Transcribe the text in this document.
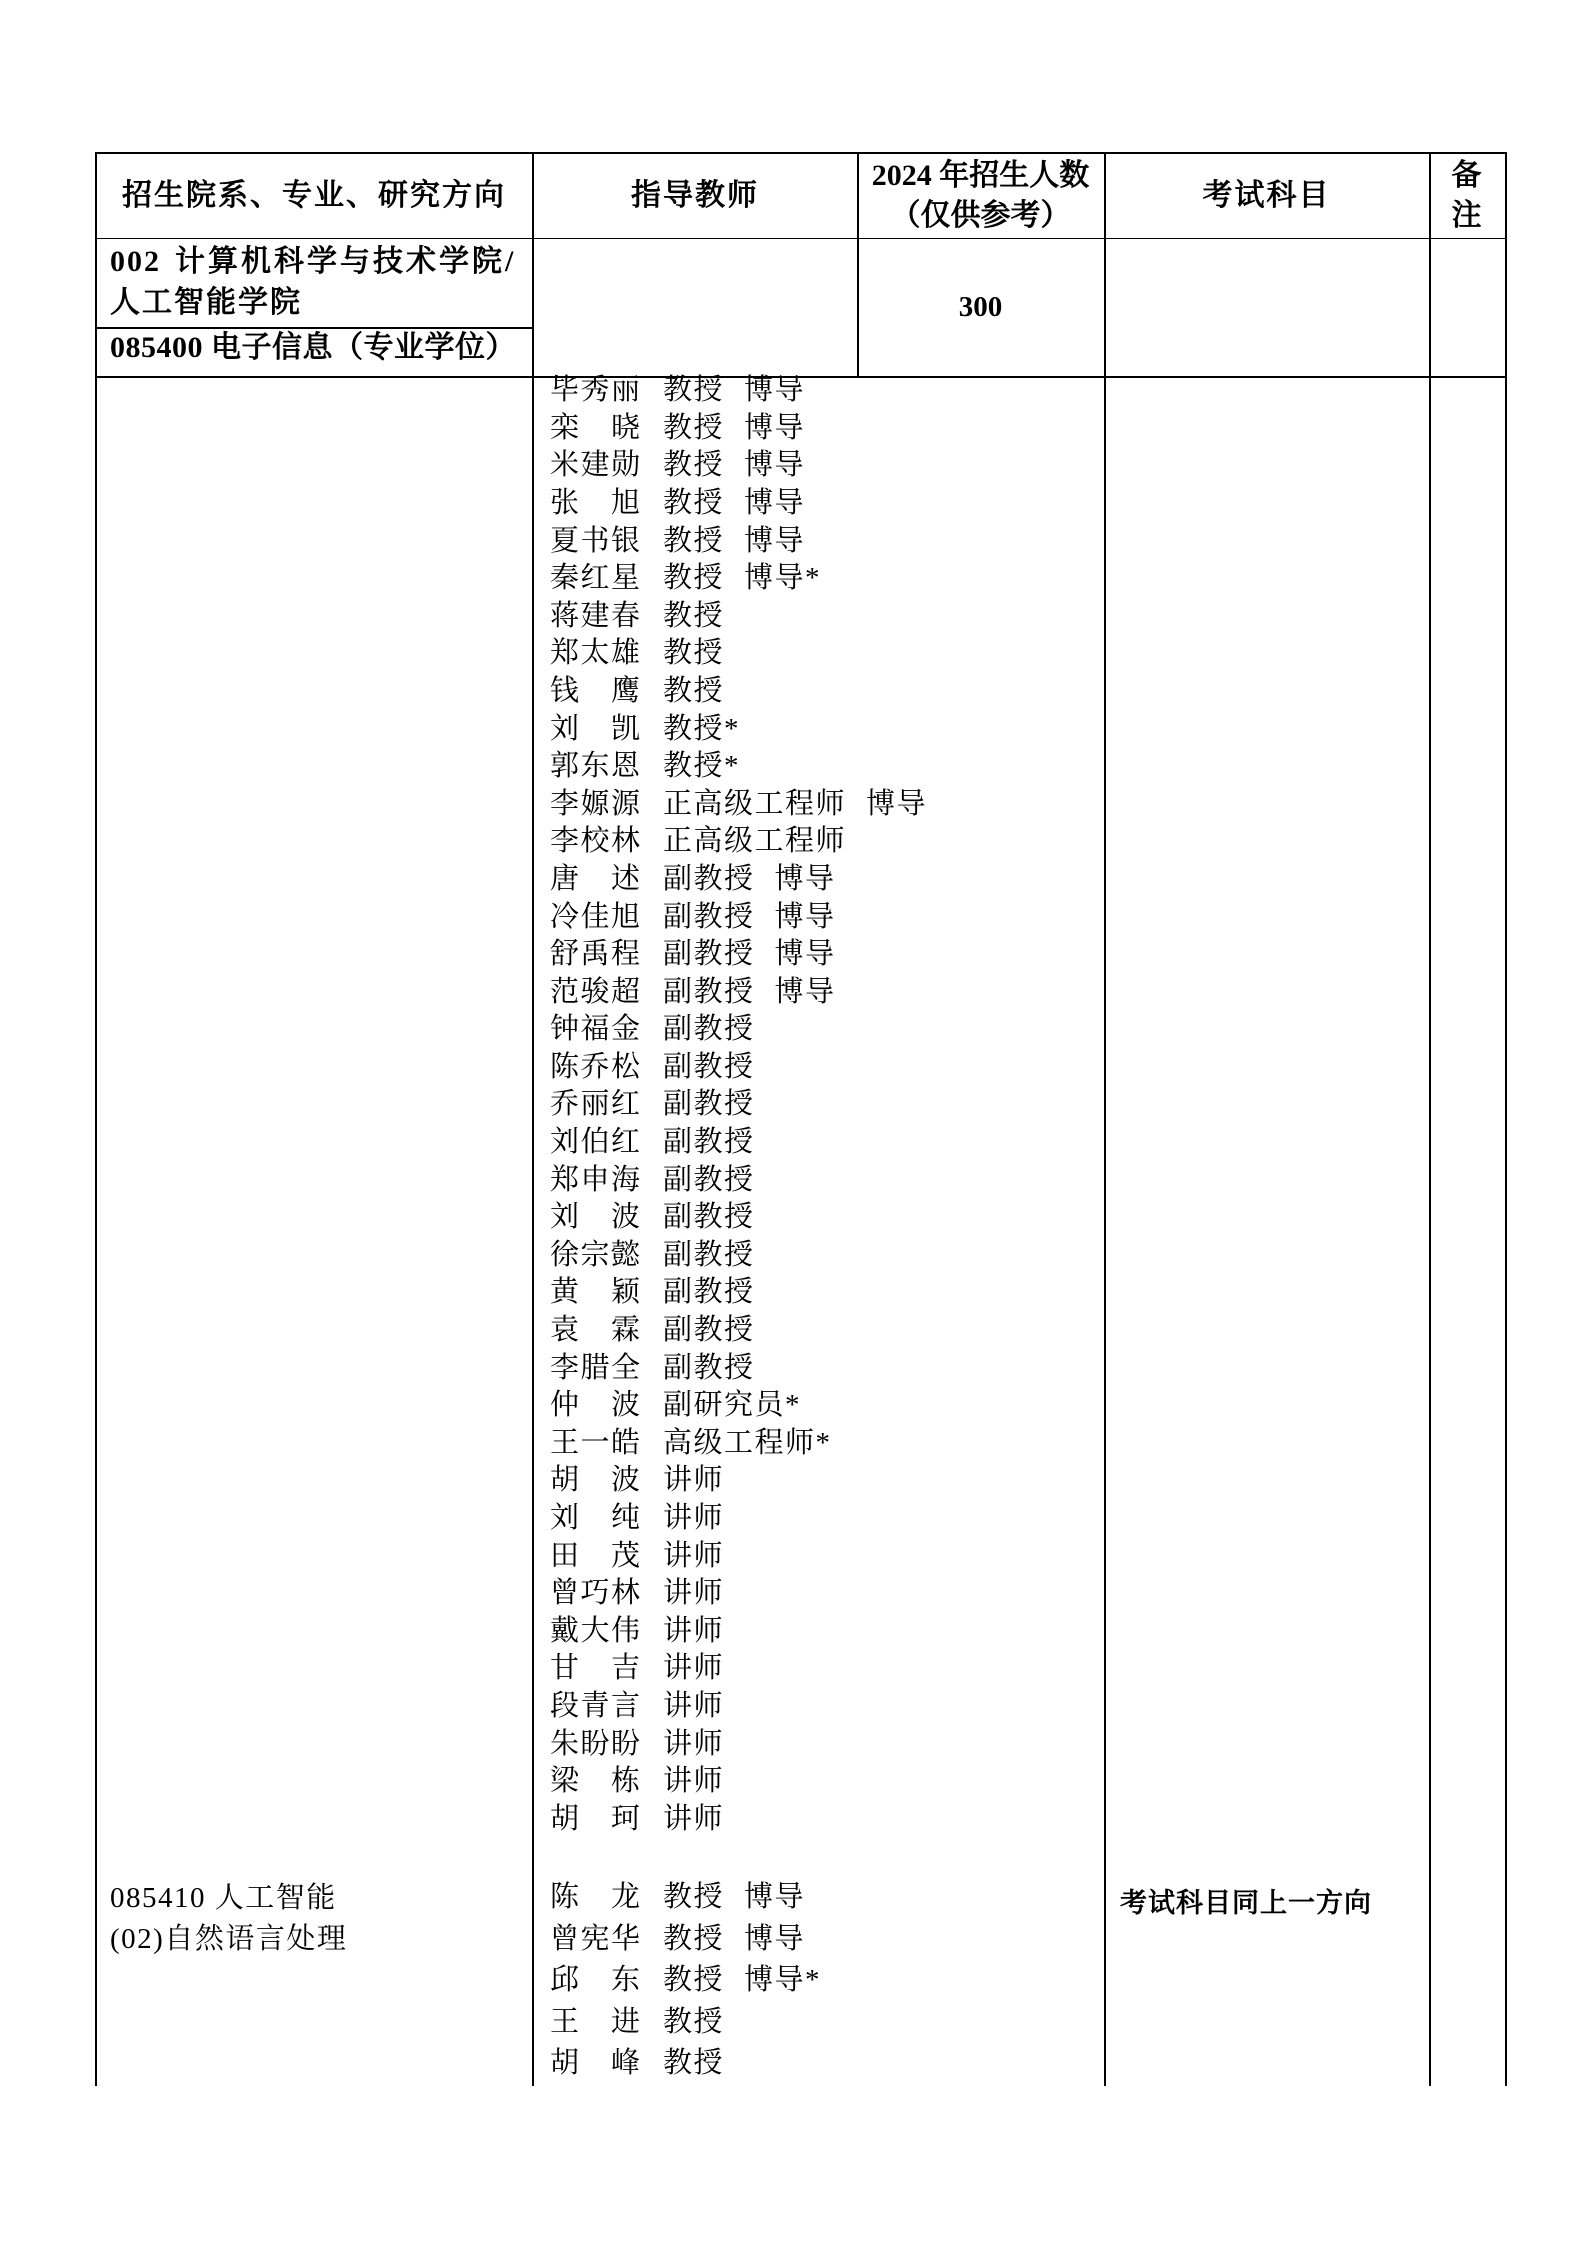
招生院系、专业、研究方向	指导教师
2024 年招生人数
（仅供参考）
考试科目
备注
002 计算机科学与技术学院/
人工智能学院
085400 电子信息（专业学位）
300
毕秀丽 教授 博导
栾　晓 教授 博导
米建勋 教授 博导
张　旭 教授 博导
夏书银 教授 博导
秦红星 教授 博导*
蒋建春 教授
郑太雄 教授
钱　鹰 教授
刘　凯 教授*
郭东恩 教授*
李嫄源 正高级工程师 博导
李校林 正高级工程师
唐　述 副教授 博导
冷佳旭 副教授 博导
舒禹程 副教授 博导
范骏超 副教授 博导
钟福金 副教授
陈乔松 副教授
乔丽红 副教授
刘伯红 副教授
郑申海 副教授
刘　波 副教授
徐宗懿 副教授
黄　颖 副教授
袁　霖 副教授
李腊全 副教授
仲　波 副研究员*
王一皓 高级工程师*
胡　波 讲师
刘　纯 讲师
田　茂 讲师
曾巧林 讲师
戴大伟 讲师
甘　吉 讲师
段青言 讲师
朱盼盼 讲师
梁　栋 讲师
胡　珂 讲师
085410 人工智能
(02)自然语言处理
陈　龙 教授 博导
曾宪华 教授 博导
邱　东 教授 博导*
王　进 教授
胡　峰 教授
考试科目同上一方向
